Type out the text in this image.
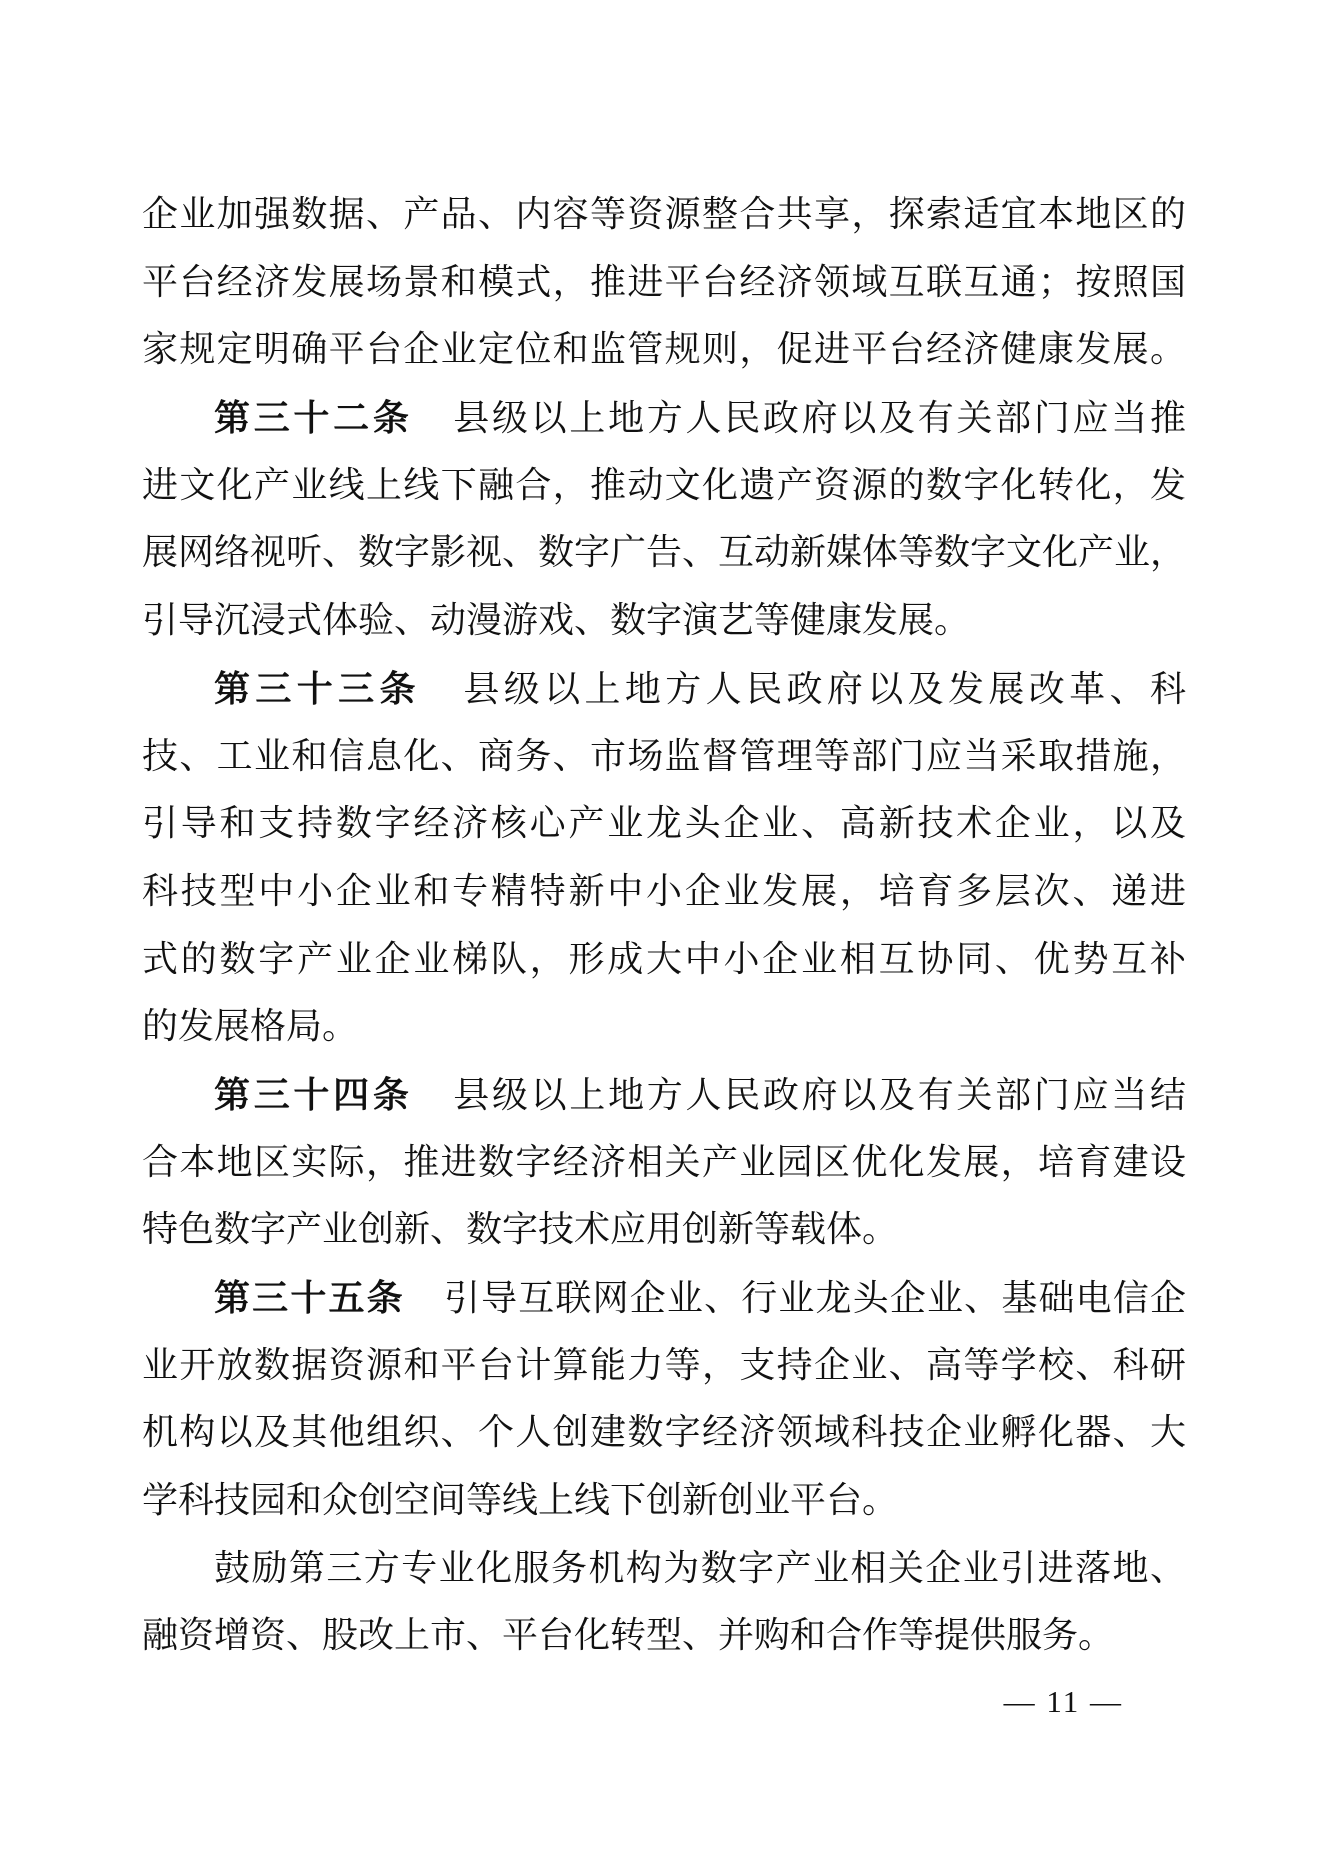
企业加强数据、产品、内容等资源整合共享，探索适宜本地区的
平台经济发展场景和模式，推进平台经济领域互联互通；按照国
家规定明确平台企业定位和监管规则，促进平台经济健康发展。
第三十二条 县级以上地方人民政府以及有关部门应当推
进文化产业线上线下融合，推动文化遗产资源的数字化转化，发
展网络视听、数字影视、数字广告、互动新媒体等数字文化产业，
引导沉浸式体验、动漫游戏、数字演艺等健康发展。
第三十三条 县级以上地方人民政府以及发展改革、科
技、工业和信息化、商务、市场监督管理等部门应当采取措施，
引导和支持数字经济核心产业龙头企业、高新技术企业，以及
科技型中小企业和专精特新中小企业发展，培育多层次、递进
式的数字产业企业梯队，形成大中小企业相互协同、优势互补
的发展格局。
第三十四条 县级以上地方人民政府以及有关部门应当结
合本地区实际，推进数字经济相关产业园区优化发展，培育建设
特色数字产业创新、数字技术应用创新等载体。
第三十五条 引导互联网企业、行业龙头企业、基础电信企
业开放数据资源和平台计算能力等，支持企业、高等学校、科研
机构以及其他组织、个人创建数字经济领域科技企业孵化器、大
学科技园和众创空间等线上线下创新创业平台。
鼓励第三方专业化服务机构为数字产业相关企业引进落地、
融资增资、股改上市、平台化转型、并购和合作等提供服务。
— 11 —
